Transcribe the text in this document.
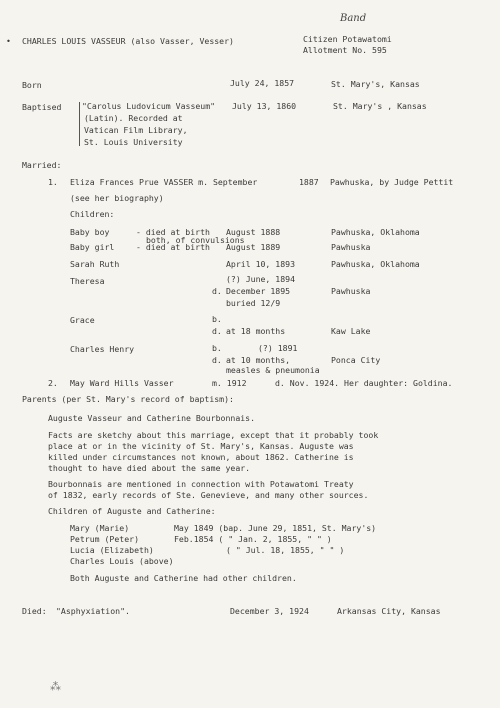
• CHARLES LOUIS VASSEUR (also Vasser, Vesser)
Band
Citizen Potawatomi
Allotment No. 595
Born	July 24, 1857	St. Mary's, Kansas
Baptised	"Carolus Ludovicum Vasseum"
(Latin). Recorded at
Vatican Film Library,
St. Louis University
July 13, 1860	St. Mary's , Kansas
Married:
1. Eliza Frances Prue VASSER m. September	1887 Pawhuska, by Judge Pettit
(see her biography)
Children:
Baby boy	- died at birth August 1888	Pawhuska, Oklahoma
both, of convulsions
Baby girl	- died at birth August 1889	Pawhuska
Sarah Ruth	April 10, 1893	Pawhuska, Oklahoma
Theresa	(?) June, 1894
d. December 1895	Pawhuska
buried 12/9
Grace	b.
d. at 18 months	Kaw Lake
Charles Henry	b.	(?) 1891
d. at 10 months,	Ponca City
measles & pneumonia
2. May Ward Hills Vasser	m. 1912	d. Nov. 1924. Her daughter: Goldina.
Parents (per St. Mary's record of baptism):
Auguste Vasseur and Catherine Bourbonnais.
Facts are sketchy about this marriage, except that it probably took
place at or in the vicinity of St. Mary's, Kansas. Auguste was
killed under circumstances not known, about 1862. Catherine is
thought to have died about the same year.
Bourbonnais are mentioned in connection with Potawatomi Treaty
of 1832, early records of Ste. Genevieve, and many other sources.
Children of Auguste and Catherine:
Mary (Marie)	May 1849 (bap. June 29, 1851, St. Mary's)
Petrum (Peter)	Feb.1854 ( " Jan. 2, 1855, " " )
Lucia (Elizabeth)	( " Jul. 18, 1855, " " )
Charles Louis (above)
Both Auguste and Catherine had other children.
Died: "Asphyxiation".	December 3, 1924	Arkansas City, Kansas
⁂
